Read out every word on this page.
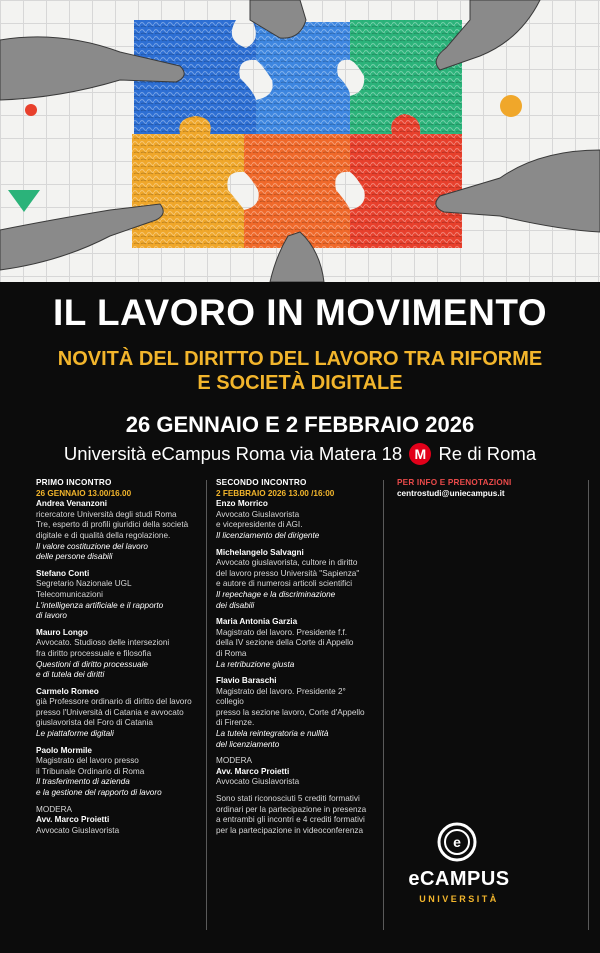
IL LAVORO IN MOVIMENTO
NOVITÀ DEL DIRITTO DEL LAVORO TRA RIFORME
E SOCIETÀ DIGITALE
26 GENNAIO E 2 FEBBRAIO 2026
Università eCampus Roma via Matera 18 M Re di Roma
PRIMO INCONTRO
26 GENNAIO 13.00/16.00
Andrea Venanzoni
ricercatore Università degli studi Roma
Tre, esperto di profili giuridici della società
digitale e di qualità della regolazione.
Il valore costituzione del lavoro
delle persone disabili
Stefano Conti
Segretario Nazionale UGL
Telecomunicazioni
L'intelligenza artificiale e il rapporto
di lavoro
Mauro Longo
Avvocato. Studioso delle intersezioni
fra diritto processuale e filosofia
Questioni di diritto processuale
e di tutela dei diritti
Carmelo Romeo
già Professore ordinario di diritto del lavoro
presso l'Università di Catania e avvocato
giuslavorista del Foro di Catania
Le piattaforme digitali
Paolo Mormile
Magistrato del lavoro presso
il Tribunale Ordinario di Roma
Il trasferimento di azienda
e la gestione del rapporto di lavoro
MODERA
Avv. Marco Proietti
Avvocato Giuslavorista
SECONDO INCONTRO
2 FEBBRAIO 2026 13.00 /16:00
Enzo Morrico
Avvocato Giuslavorista
e vicepresidente di AGI.
Il licenziamento del dirigente
Michelangelo Salvagni
Avvocato giuslavorista, cultore in diritto
del lavoro presso Università "Sapienza"
e autore di numerosi articoli scientifici
Il repechage e la discriminazione
dei disabili
Maria Antonia Garzia
Magistrato del lavoro. Presidente f.f.
della IV sezione della Corte di Appello
di Roma
La retribuzione giusta
Flavio Baraschi
Magistrato del lavoro. Presidente 2° collegio
presso la sezione lavoro, Corte d'Appello
di Firenze.
La tutela reintegratoria e nullità
del licenziamento
MODERA
Avv. Marco Proietti
Avvocato Giuslavorista
Sono stati riconosciuti 5 crediti formativi
ordinari per la partecipazione in presenza
a entrambi gli incontri e 4 crediti formativi
per la partecipazione in videoconferenza
PER INFO E PRENOTAZIONI
centrostudi@uniecampus.it
e
eCAMPUS
UNIVERSITÀ
